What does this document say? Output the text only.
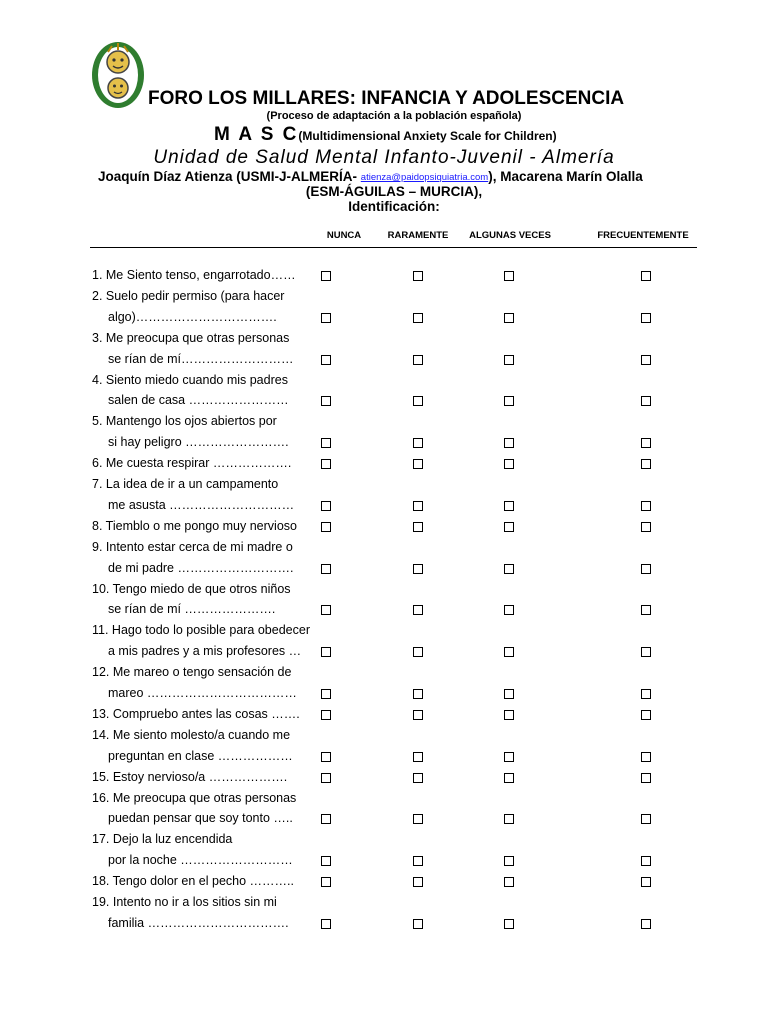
FORO LOS MILLARES: INFANCIA Y ADOLESCENCIA
(Proceso de adaptación a la población española)
M A S C(Multidimensional Anxiety Scale for Children)
Unidad de Salud Mental Infanto-Juvenil - Almería
Joaquín Díaz Atienza (USMI-J-ALMERÍA- atienza@paidopsiquiatria.com), Macarena Marín Olalla
(ESM-ÁGUILAS – MURCIA),
Identificación:
NUNCA	RARAMENTE ALGUNAS VECES	FRECUENTEMENTE
1. Me Siento tenso, engarrotado……
2. Suelo pedir permiso (para hacer
algo)…………………………….
3. Me preocupa que otras personas
se rían de mí………………………
4. Siento miedo cuando mis padres
salen de casa ……………………
5. Mantengo los ojos abiertos por
si hay peligro …………………….
6. Me cuesta respirar ……………….
7. La idea de ir a un campamento
me asusta …………………………
8. Tiemblo o me pongo muy nervioso
9. Intento estar cerca de mi madre o
de mi padre ……………………….
10. Tengo miedo de que otros niños
se rían de mí ………………….
11. Hago todo lo posible para obedecer
a mis padres y a mis profesores …
12. Me mareo o tengo sensación de
mareo ………………………………
13. Compruebo antes las cosas …….
14. Me siento molesto/a cuando me
preguntan en clase ………………
15. Estoy nervioso/a ……………….
16. Me preocupa que otras personas
puedan pensar que soy tonto …..
17. Dejo la luz encendida
por la noche ………………………
18. Tengo dolor en el pecho ………..
19. Intento no ir a los sitios sin mi
familia …………………………….
